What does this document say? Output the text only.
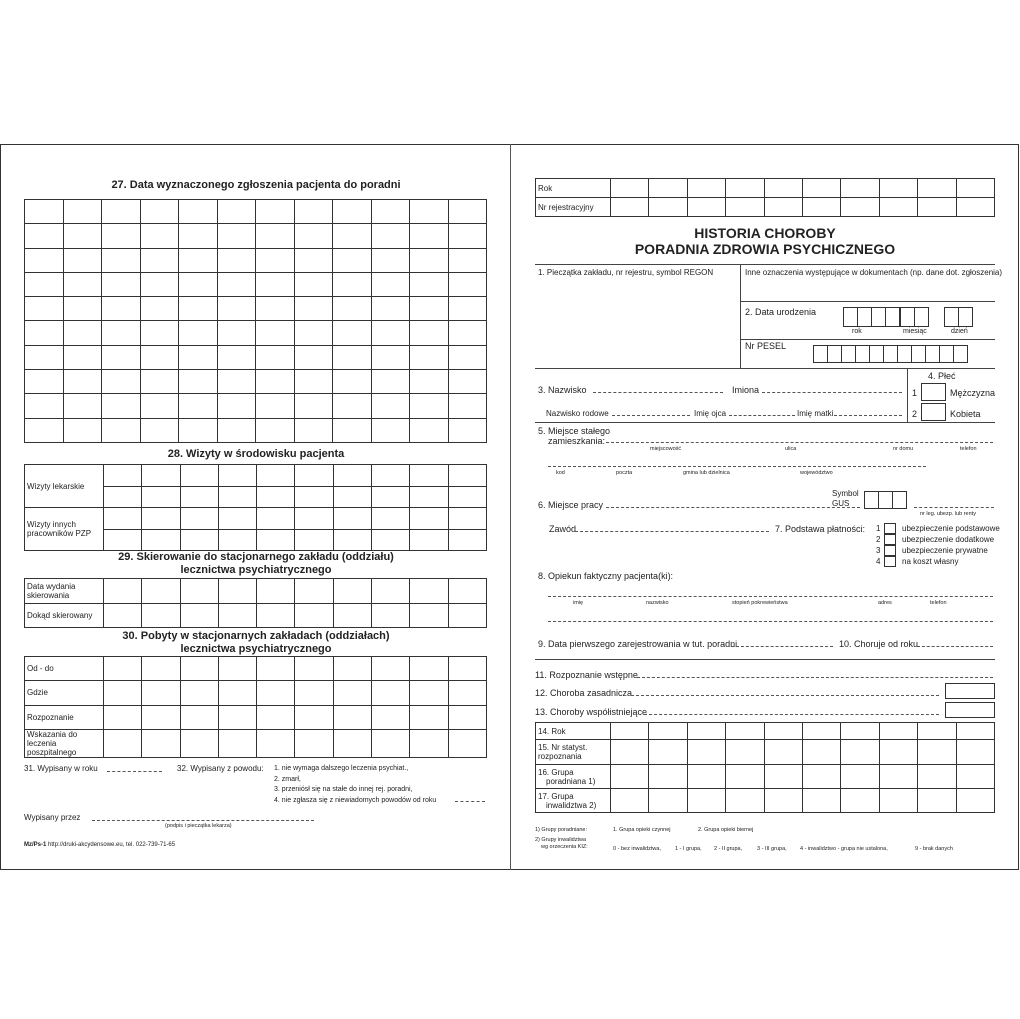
27. Data wyznaczonego zgłoszenia pacjenta do poradni

28. Wizyty w środowisku pacjenta
Wizyty lekarskie										

Wizyty innych pracowników PZP										

29. Skierowanie do stacjonarnego zakładu (oddziału)
lecznictwa psychiatrycznego
Data wydania skierowania										
Dokąd skierowany										
30. Pobyty w stacjonarnych zakładach (oddziałach)
lecznictwa psychiatrycznego
Od - do										
Gdzie										
Rozpoznanie										
Wskazania do leczenia poszpitalnego										
31. Wypisany w roku	32. Wypisany z powodu: 1. nie wymaga dalszego leczenia psychiat.,
2. zmarł,
3. przeniósł się na stałe do innej rej. poradni,
4. nie zgłasza się z niewiadomych powodów od roku
Wypisany przez
(podpis i pieczątka lekarza)
Mz/Ps-1 http://druki-akcydensowe.eu, tel. 022-739-71-65
Rok										
Nr rejestracyjny										
HISTORIA CHOROBY
PORADNIA ZDROWIA PSYCHICZNEGO
1. Pieczątka zakładu, nr rejestru, symbol REGON	Inne oznaczenia występujące w dokumentach (np. dane dot. zgłoszenia)
2. Data urodzenia
rok	miesiąc	dzień
Nr PESEL
3. Nazwisko	Imiona
4. Płeć
1	Mężczyzna
2	Kobieta
Nazwisko rodowe	Imię ojca	Imię matki
5. Miejsce stałego
zamieszkania:
miejscowość	ulica	nr domu	telefon
kod	poczta	gmina lub dzielnica	województwo
Symbol
GUS
6. Miejsce pracy
nr leg. ubezp. lub renty
Zawód	7. Podstawa płatności: 1	ubezpieczenie podstawowe
2	ubezpieczenie dodatkowe
3	ubezpieczenie prywatne
4	na koszt własny
8. Opiekun faktyczny pacjenta(ki):
imię	nazwisko	stopień pokrewieństwa	adres	telefon
9. Data pierwszego zarejestrowania w tut. poradni	10. Choruje od roku
11. Rozpoznanie wstępne
12. Choroba zasadnicza
13. Choroby współistniejące
14. Rok										
15. Nr statyst. rozpoznania										

16. Grupa
poradniana 1)										

17. Grupa
inwalidztwa 2)										

1) Grupy poradniane:	1. Grupa opieki czynnej	2. Grupa opieki biernej
2) Grupy inwalidztwa
wg orzeczenia KIZ:	0 - bez inwalidztwa,	1 - I grupa, 2 - II grupa,	3 - III grupa, 4 - inwalidztwo - grupa nie ustalona,	9 - brak danych
